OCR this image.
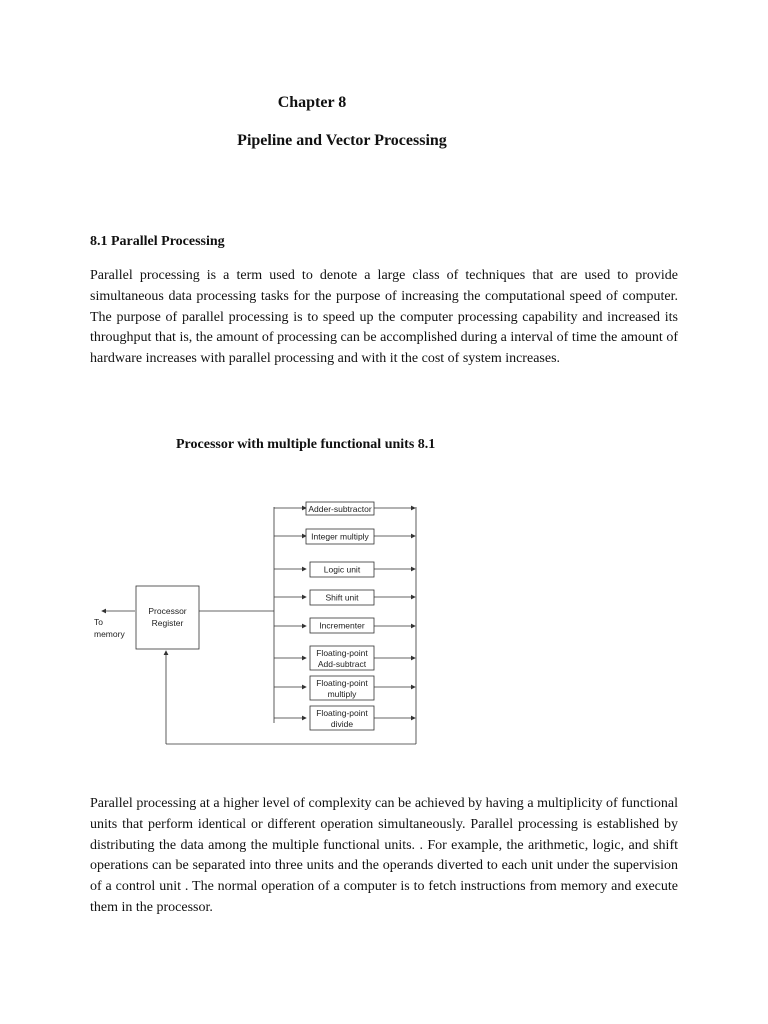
Chapter 8
Pipeline and Vector Processing
8.1 Parallel Processing

Parallel processing is a term used to denote a large class of techniques that are used to provide simultaneous data processing tasks for the purpose of increasing the computational speed of computer. The purpose of parallel processing is to speed up the computer processing capability and increased its throughput that is, the amount of processing can be accomplished during a interval of time the amount of hardware increases with parallel processing and with it the cost of system increases.

Processor with multiple functional units 8.1
To
memory
Processor
Register
Adder-subtractor
Integer multiply
Logic unit
Shift unit
Incrementer
Floating-point
Add-subtract
Floating-point
multiply
Floating-point
divide

Parallel processing at a higher level of complexity can be achieved by having a multiplicity of functional units that perform identical or different operation simultaneously. Parallel processing is established by distributing the data among the multiple functional units. . For example, the arithmetic, logic, and shift operations can be separated into three units and the operands diverted to each unit under the supervision of a control unit . The normal operation of a computer is to fetch instructions from memory and execute them in the processor.
